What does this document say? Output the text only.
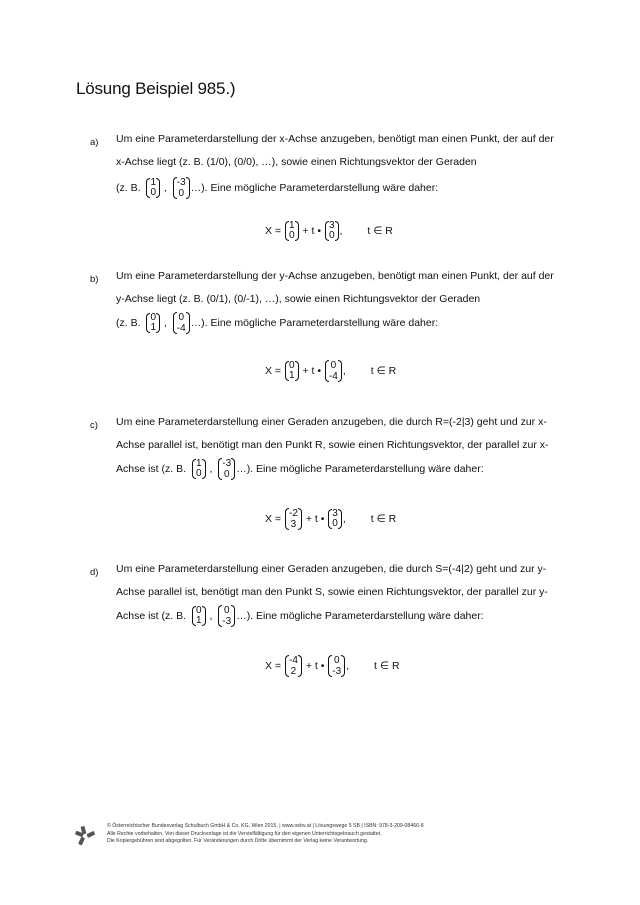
Lösung Beispiel 985.)
a) Um eine Parameterdarstellung der x-Achse anzugeben, benötigt man einen Punkt, der auf der
x-Achse liegt (z. B. (1/0), (0/0), …), sowie einen Richtungsvektor der Geraden
(z. B. 1
0 , -3
0 …). Eine mögliche Parameterdarstellung wäre daher:
X = 1
0 + t • 3
0 , t ∈ R
b) Um eine Parameterdarstellung der y-Achse anzugeben, benötigt man einen Punkt, der auf der
y-Achse liegt (z. B. (0/1), (0/-1), …), sowie einen Richtungsvektor der Geraden
(z. B. 0
1 , 0
-4 …). Eine mögliche Parameterdarstellung wäre daher:
X = 0
1 + t • 0
-4 , t ∈ R
c) Um eine Parameterdarstellung einer Geraden anzugeben, die durch R=(-2|3) geht und zur x-
Achse parallel ist, benötigt man den Punkt R, sowie einen Richtungsvektor, der parallel zur x-
Achse ist (z. B. 1
0 , -3
0 …). Eine mögliche Parameterdarstellung wäre daher:
X = -2
3 + t • 3
0 , t ∈ R
d) Um eine Parameterdarstellung einer Geraden anzugeben, die durch S=(-4|2) geht und zur y-
Achse parallel ist, benötigt man den Punkt S, sowie einen Richtungsvektor, der parallel zur y-
Achse ist (z. B. 0
1 , 0
-3 …). Eine mögliche Parameterdarstellung wäre daher:
X = -4
2 + t • 0
-3 , t ∈ R
© Österreichischer Bundesverlag Schulbuch GmbH & Co. KG, Wien 2015. | www.oebv.at | Lösungswege 5 SB | ISBN: 978-3-209-08466-8
Alle Rechte vorbehalten. Von dieser Druckvorlage ist die Vervielfältigung für den eigenen Unterrichtsgebrauch gestattet.
Die Kopiergebühren sind abgegolten. Für Veränderungen durch Dritte übernimmt der Verlag keine Verantwortung.
